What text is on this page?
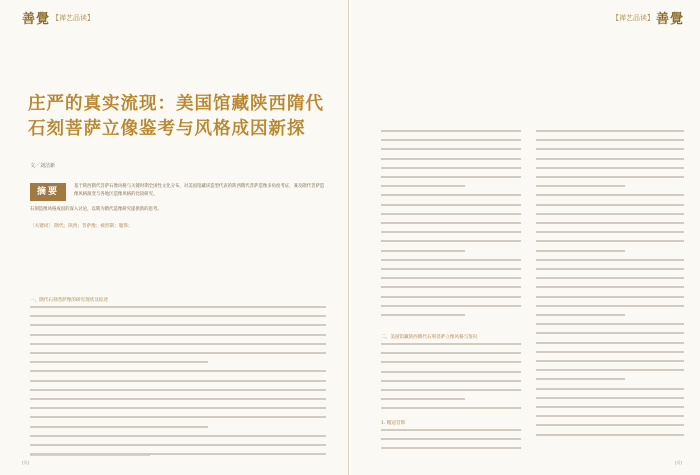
善覺 【禅艺品读】
庄严的真实流现：美国馆藏陕西隋代石刻菩萨立像鉴考与风格成因新探
文／刘洁新
摘要
基于陕西隋代菩萨石像风格与关键时期全国性文化分布，对美国馆藏该造型代表的陕西隋代菩萨造像多角度考证，兼及隋代菩萨造像风格演变与各地区造像风格的比较研究。
石刻造像风格成因的深入讨论，以期为隋代造像研究提供新的思考。
［关键词］ 隋代；陕西；菩萨像；被形制；服饰；
一、隋代石刻菩萨像的研究现状及综述
[页]
【禅艺品读】 善覺
二、美国馆藏陕西隋代石刻菩萨立像风格与鉴识
1. 帽冠首饰
[页]
